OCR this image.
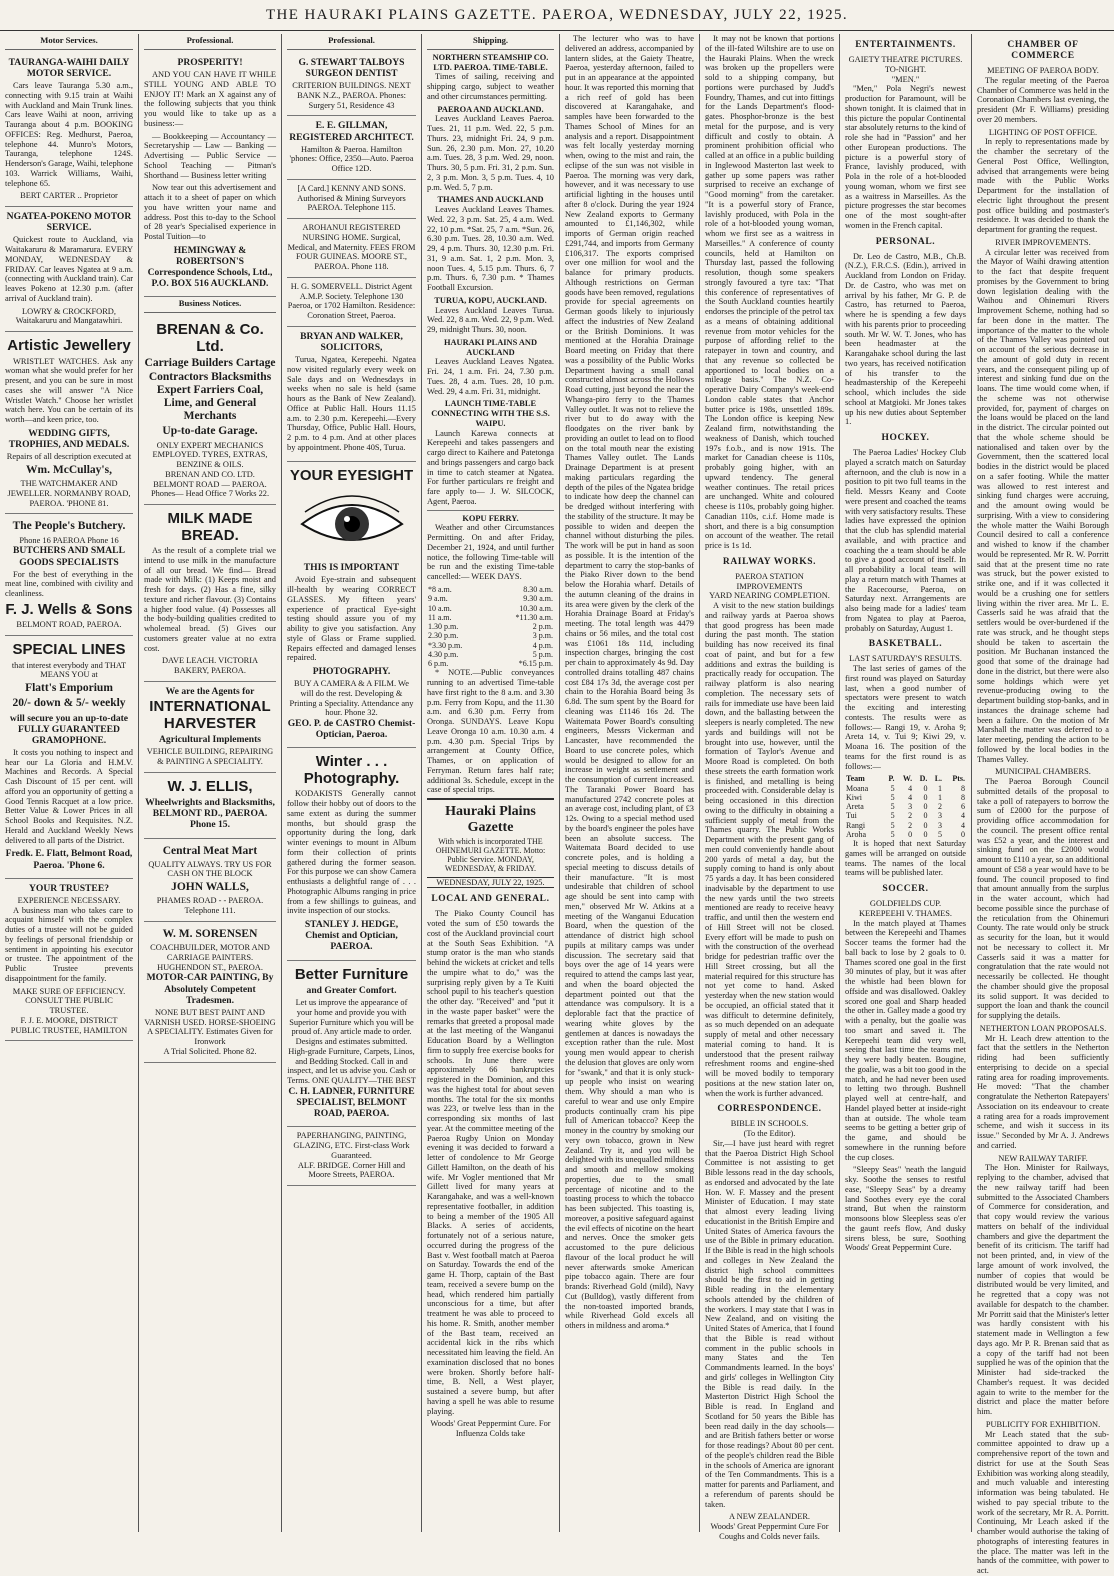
THE HAURAKI PLAINS GAZETTE. PAEROA, WEDNESDAY, JULY 22, 1925.
Motor Services.
TAURANGA-WAIHI DAILY MOTOR SERVICE.
Cars leave Tauranga 5.30 a.m., connecting with 9.15 train at Waihi with Auckland and Main Trunk lines. Cars leave Waihi at noon, arriving Tauranga about 4 p.m. BOOKING OFFICES: Reg. Medhurst, Paeroa, telephone 44. Munro's Motors, Tauranga, telephone 124S. Henderson's Garage, Waihi, telephone 103. Warrick Williams, Waihi, telephone 65.
BERT CARTER .. Proprietor
NGATEA-POKENO MOTOR SERVICE.
Quickest route to Auckland, via Waitakaruru & Maramarura. EVERY MONDAY, WEDNESDAY & FRIDAY. Car leaves Ngatea at 9 a.m. (connecting with Auckland train). Car leaves Pokeno at 12.30 p.m. (after arrival of Auckland train).
LOWRY & CROCKFORD, Waitakaruru and Mangatawhiri.
Artistic Jewellery
WRISTLET WATCHES. Ask any woman what she would prefer for her present, and you can be sure in most cases she will answer "A Nice Wristlet Watch." Choose her wristlet watch here. You can be certain of its worth—and keen price, too.
WEDDING GIFTS, TROPHIES, AND MEDALS.
Repairs of all description executed at
Wm. McCullay's,
THE WATCHMAKER AND JEWELLER. NORMANBY ROAD, PAEROA. 'PHONE 81.
The People's Butchery.
Phone 16 PAEROA Phone 16
BUTCHERS AND SMALL GOODS SPECIALISTS
For the best of everything in the meat line, combined with civility and cleanliness.
F. J. Wells & Sons
BELMONT ROAD, PAEROA.
SPECIAL LINES
that interest everybody and THAT MEANS YOU at
Flatt's Emporium
20/- down & 5/- weekly
will secure you an up-to-date FULLY GUARANTEED GRAMOPHONE.
It costs you nothing to inspect and hear our La Gloria and H.M.V. Machines and Records. A Special Cash Discount of 15 per cent. will afford you an opportunity of getting a Good Tennis Racquet at a low price. Better Value & Lower Prices in all School Books and Requisites. N.Z. Herald and Auckland Weekly News delivered to all parts of the District.
Fredk. E. Flatt, Belmont Road, Paeroa. 'Phone 6.
YOUR TRUSTEE?
EXPERIENCE NECESSARY.
A business man who takes care to acquaint himself with the complex duties of a trustee will not be guided by feelings of personal friendship or sentiment in appointing his executor or trustee. The appointment of the Public Trustee prevents disappointment for the family.
MAKE SURE OF EFFICIENCY.
CONSULT THE PUBLIC TRUSTEE.
F. J. E. MOORE, DISTRICT PUBLIC TRUSTEE, HAMILTON
Professional.
PROSPERITY!
AND YOU CAN HAVE IT WHILE STILL YOUNG AND ABLE TO ENJOY IT! Mark an X against any of the following subjects that you think you would like to take up as a business:—
— Bookkeeping — Accountancy — Secretaryship — Law — Banking — Advertising — Public Service — School Teaching — Pitman's Shorthand — Business letter writing
Now tear out this advertisement and attach it to a sheet of paper on which you have written your name and address. Post this to-day to the School of 28 year's Specialised experience in Postal Tuition—to
HEMINGWAY & ROBERTSON'S Correspondence Schools, Ltd., P.O. BOX 516 AUCKLAND.
Business Notices.
BRENAN & Co. Ltd.
Carriage Builders Cartage Contractors Blacksmiths Expert Farriers Coal, Lime, and General Merchants
Up-to-date Garage.
ONLY EXPERT MECHANICS EMPLOYED. TYRES, EXTRAS, BENZINE & OILS.
BRENAN AND CO. LTD. BELMONT ROAD — PAEROA. Phones— Head Office 7 Works 22.
MILK MADE BREAD.
As the result of a complete trial we intend to use milk in the manufacture of all our bread. We find— Bread made with Milk: (1) Keeps moist and fresh for days. (2) Has a fine, silky texture and richer flavour. (3) Contains a higher food value. (4) Possesses all the body-building qualities credited to wholemeal bread. (5) Gives our customers greater value at no extra cost.
DAVE LEACH. VICTORIA BAKERY, PAEROA.
We are the Agents for
INTERNATIONAL HARVESTER
Agricultural Implements
VEHICLE BUILDING, REPAIRING & PAINTING A SPECIALITY.
W. J. ELLIS,
Wheelwrights and Blacksmiths, BELMONT RD., PAEROA. Phone 15.
Central Meat Mart
QUALITY ALWAYS. TRY US FOR CASH ON THE BLOCK
JOHN WALLS,
PHAMES ROAD - - PAEROA. Telephone 111.
W. M. SORENSEN
COACHBUILDER, MOTOR AND CARRIAGE PAINTERS. HUGHENDON ST., PAEROA.
MOTOR-CAR PAINTING, By Absolutely Competent Tradesmen.
NONE BUT BEST PAINT AND VARNISH USED. HORSE-SHOEING A SPECIALITY. Estimates Given for Ironwork
A Trial Solicited. Phone 82.
Professional.
G. STEWART TALBOYS SURGEON DENTIST
CRITERION BUILDINGS. NEXT BANK N.Z., PAEROA. Phones: Surgery 51, Residence 43
E. E. GILLMAN, REGISTERED ARCHITECT.
Hamilton & Paeroa. Hamilton 'phones: Office, 2350—Auto. Paeroa Office 12D.
[A Card.] KENNY AND SONS. Authorised & Mining Surveyors PAEROA. Telephone 115.
AROHANUI REGISTERED NURSING HOME. Surgical, Medical, and Maternity. FEES FROM FOUR GUINEAS. MOORE ST., PAEROA. Phone 118.
H. G. SOMERVELL. District Agent A.M.P. Society. Telephone 130 Paeroa, or 1702 Hamilton. Residence: Coronation Street, Paeroa.
BRYAN AND WALKER, SOLICITORS,
Turua, Ngatea, Kerepeehi. Ngatea now visited regularly every week on Sale days and on Wednesdays in weeks when no sale is held (same hours as the Bank of New Zealand). Office at Public Hall. Hours 11.15 a.m. to 2.30 p.m. Kerepeehi.—Every Thursday, Office, Public Hall. Hours, 2 p.m. to 4 p.m. And at other places by appointment. Phone 40S, Turua.
YOUR EYESIGHT
THIS IS IMPORTANT
Avoid Eye-strain and subsequent ill-health by wearing CORRECT GLASSES. My fifteen years' experience of practical Eye-sight testing should assure you of my ability to give you satisfaction. Any style of Glass or Frame supplied. Repairs effected and damaged lenses repaired.
PHOTOGRAPHY.
BUY A CAMERA & A FILM. We will do the rest. Developing & Printing a Speciality. Attendance any hour. Phone 32.
GEO. P. de CASTRO Chemist-Optician, Paeroa.
Winter . . . Photography.
KODAKISTS Generally cannot follow their hobby out of doors to the same extent as during the summer months, but should grasp the opportunity during the long, dark winter evenings to mount in Album form their collection of prints gathered during the former season. For this purpose we can show Camera enthusiasts a delightful range of . . . Photographic Albums ranging in price from a few shillings to guineas, and invite inspection of our stocks.
STANLEY J. HEDGE, Chemist and Optician, PAEROA.
Better Furniture
and Greater Comfort.
Let us improve the appearance of your home and provide you with Superior Furniture which you will be proud of. Any article made to order. Designs and estimates submitted. High-grade Furniture, Carpets, Linos, and Bedding Stocked. Call in and inspect, and let us advise you. Cash or Terms. ONE QUALITY—THE BEST
C. H. LADNER, FURNITURE SPECIALIST, BELMONT ROAD, PAEROA.
PAPERHANGING, PAINTING, GLAZING, ETC. First-class Work Guaranteed.
ALF. BRIDGE. Corner Hill and Moore Streets, PAEROA.
Shipping.
NORTHERN STEAMSHIP CO. LTD. PAEROA. TIME-TABLE.
Times of sailing, receiving and shipping cargo, subject to weather and other circumstances permitting.
PAEROA AND AUCKLAND.
Leaves Auckland Leaves Paeroa. Tues. 21, 11 p.m. Wed. 22, 5 p.m. Thurs. 23, midnight Fri. 24, 9 p.m. Sun. 26, 2.30 p.m. Mon. 27, 10.20 a.m. Tues. 28, 3 p.m. Wed. 29, noon. Thurs. 30, 5 p.m. Fri. 31, 2 p.m. Sun. 2, 3 p.m. Mon. 3, 5 p.m. Tues. 4, 10 p.m. Wed. 5, 7 p.m.
THAMES AND AUCKLAND
Leaves Auckland Leaves Thames. Wed. 22, 3 p.m. Sat. 25, 4 a.m. Wed. 22, 10 p.m. *Sat. 25, 7 a.m. *Sun. 26, 6.30 p.m. Tues. 28, 10.30 a.m. Wed. 29, 4 p.m. Thurs. 30, 12.30 p.m. Fri. 31, 9 a.m. Sat. 1, 2 p.m. Mon. 3, noon Tues. 4, 5.15 p.m. Thurs. 6, 7 p.m. Thurs. 6, 7.30 p.m. * Thames Football Excursion.
TURUA, KOPU, AUCKLAND.
Leaves Auckland Leaves Turua. Wed. 22, 8 a.m. Wed. 22, 9 p.m. Wed. 29, midnight Thurs. 30, noon.
HAURAKI PLAINS AND AUCKLAND
Leaves Auckland Leaves Ngatea. Fri. 24, 1 a.m. Fri. 24, 7.30 p.m. Tues. 28, 4 a.m. Tues. 28, 10 p.m. Wed. 29, 4 a.m. Fri. 31, midnight.
LAUNCH TIME-TABLE CONNECTING WITH THE S.S. WAIPU.
Launch Karewa connects at Kerepeehi and takes passengers and cargo direct to Kaihere and Patetonga and brings passengers and cargo back in time to catch steamer at Ngatea. For further particulars re freight and fare apply to— J. W. SILCOCK, Agent, Paeroa.
KOPU FERRY.
Weather and other Circumstances Permitting. On and after Friday, December 21, 1924, and until further notice, the following Time-table will be run and the existing Time-table cancelled:— WEEK DAYS.
*8 a.m.	8.30 a.m.
9 a.m.	9.30 a.m.
10 a.m.	10.30 a.m.
11 a.m.	*11.30 a.m.
1.30 p.m.	2 p.m.
2.30 p.m.	3 p.m.
*3.30 p.m.	4 p.m.
4.30 p.m.	5 p.m.
6 p.m.	*6.15 p.m.
* NOTE.—Public conveyances running to an advertised Time-table have first right to the 8 a.m. and 3.30 p.m. Ferry from Kopu, and the 11.30 a.m. and 6.30 p.m. Ferry from Oronga. SUNDAYS. Leave Kopu Leave Oronga 10 a.m. 10.30 a.m. 4 p.m. 4.30 p.m. Special Trips by arrangement at County Office, Thames, or on application of Ferryman. Return fares half rate; additional 3s. Schedule, except in the case of special trips.
Hauraki Plains Gazette
With which is incorporated THE OHINEMURI GAZETTE. Motto: Public Service. MONDAY, WEDNESDAY, & FRIDAY.
WEDNESDAY, JULY 22, 1925.
LOCAL AND GENERAL.
The Piako County Council has voted the sum of £50 towards the cost of the Auckland provincial court at the South Seas Exhibition. "A stump orator is the man who stands behind the wickets at cricket and tells the umpire what to do," was the surprising reply given by a Te Kuiti school pupil to his teacher's question the other day. "Received" and "put it in the waste paper basket" were the remarks that greeted a proposal made at the last meeting of the Wanganui Education Board by a Wellington firm to supply free exercise books for schools. In June there were approximately 66 bankruptcies registered in the Dominion, and this was the highest total for about seven months. The total for the six months was 223, or twelve less than in the corresponding six months of last year. At the committee meeting of the Paeroa Rugby Union on Monday evening it was decided to forward a letter of condolence to Mr George Gillett Hamilton, on the death of his wife. Mr Vogler mentioned that Mr Gillett lived for many years at Karangahake, and was a well-known representative footballer, in addition to being a member of the 1905 All Blacks. A series of accidents, fortunately not of a serious nature, occurred during the progress of the Bast v. West football match at Paeroa on Saturday. Towards the end of the game H. Thorp, captain of the Bast team, received a severe bump on the head, which rendered him partially unconscious for a time, but after treatment he was able to proceed to his home. R. Smith, another member of the Bast team, received an accidental kick in the ribs which necessitated him leaving the field. An examination disclosed that no bones were broken. Shortly before half-time, B. Nell, a West player, sustained a severe bump, but after having a spell he was able to resume playing.
Woods' Great Peppermint Cure. For Influenza Colds take
The lecturer who was to have delivered an address, accompanied by lantern slides, at the Gaiety Theatre, Paeroa, yesterday afternoon, failed to put in an appearance at the appointed hour. It was reported this morning that a rich reef of gold has been discovered at Karangahake, and samples have been forwarded to the Thames School of Mines for an analysis and a report. Disappointment was felt locally yesterday morning when, owing to the mist and rain, the eclipse of the sun was not visible in Paeroa. The morning was very dark, however, and it was necessary to use artificial lighting in the houses until after 8 o'clock. During the year 1924 New Zealand exports to Germany amounted to £1,146,302, while imports of German origin reached £291,744, and imports from Germany £106,317. The exports comprised over one million for wool and the balance for primary products. Although restrictions on German goods have been removed, regulations provide for special agreements on German goods likely to injuriously affect the industries of New Zealand or the British Dominions. It was mentioned at the Horahia Drainage Board meeting on Friday that there was a possibility of the Public Works Department having a small canal constructed almost across the Hollows Road cutting, just beyond the near the Whanga-piro ferry to the Thames Valley outlet. It was not to relieve the river but to do away with the floodgates on the river bank by providing an outlet to lead on to flood on the total mouth near the existing Thames Valley outlet. The Lands Drainage Department is at present making particulars regarding the depth of the piles of the Ngatea bridge to indicate how deep the channel can be dredged without interfering with the stability of the structure. It may be possible to widen and deepen the channel without disturbing the piles. The work will be put in hand as soon as possible. It is the intention of the department to carry the stop-banks of the Piako River down to the bend below the Horahia wharf. Details of the autumn cleaning of the drains in its area were given by the clerk of the Horahia Drainage Board at Friday's meeting. The total length was 4479 chains or 56 miles, and the total cost was £1061 18s 11d, including inspection charges, bringing the cost per chain to approximately 4s 9d. Day controlled drains totalling 487 chains cost £84 17s 3d, the average cost per chain to the Horahia Board being 3s 6.8d. The sum spent by the Board for cleaning was £1146 16s 2d. The Waitemata Power Board's consulting engineers, Messrs Vickerman and Lancaster, have recommended the Board to use concrete poles, which would be designed to allow for an increase in weight as settlement and the consumption of current increased. The Taranaki Power Board has manufactured 2742 concrete poles at an average cost, including plant, of £3 12s. Owing to a special method used by the board's engineer the poles have been an absolute success. The Waitemata Board decided to use concrete poles, and is holding a special meeting to discuss details of their manufacture. "It is most undesirable that children of school age should be sent into camp with men," observed Mr W. Atkins at a meeting of the Wanganui Education Board, when the question of the attendance of district high school pupils at military camps was under discussion. The secretary said that boys over the age of 14 years were required to attend the camps last year, and when the board objected the department pointed out that the attendance was compulsory. It is a deplorable fact that the practice of wearing white gloves by the gentlemen at dances is nowadays the exception rather than the rule. Most young men would appear to cherish the delusion that gloves are only worn for "swank," and that it is only stuck-up people who insist on wearing them. Why should a man who is careful to wear and use only Empire products continually cram his pipe full of American tobacco? Keep the money in the country by smoking our very own tobacco, grown in New Zealand. Try it, and you will be delighted with its unequalled mildness and smooth and mellow smoking properties, due to the small percentage of nicotine and to the toasting process to which the tobacco has been subjected. This toasting is, moreover, a positive safeguard against the evil effects of nicotine on the heart and nerves. Once the smoker gets accustomed to the pure delicious flavour of the local product he will never afterwards smoke American pipe tobacco again. There are four brands: Riverhead Gold (mild), Navy Cut (Bulldog), vastly different from the non-toasted imported brands, while Riverhead Gold excels all others in mildness and aroma.*
It may not be known that portions of the ill-fated Wiltshire are to use on the Hauraki Plains. When the wreck was broken up the propellers were sold to a shipping company, but portions were purchased by Judd's Foundry, Thames, and cut into fittings for the Lands Department's flood-gates. Phosphor-bronze is the best metal for the purpose, and is very difficult and costly to obtain. A prominent prohibition official who called at an office in a public building in Inglewood Masterton last week to gather up some papers was rather surprised to receive an exchange of "Good morning" from the caretaker. "It is a powerful story of France, lavishly produced, with Pola in the role of a hot-blooded young woman, whom we first see as a waitress in Marseilles." A conference of county councils, held at Hamilton on Thursday last, passed the following resolution, though some speakers strongly favoured a tyre tax: "That this conference of representatives of the South Auckland counties heartily endorses the principle of the petrol tax as a means of obtaining additional revenue from motor vehicles for the purpose of affording relief to the ratepayer in town and country, and that any revenue so collected be apportioned to local bodies on a mileage basis." The N.Z. Co-operative Dairy Company's week-end London cable states that Anchor butter price is 198s, unsettled 189s. The London office is keeping New Zealand firm, notwithstanding the weakness of Danish, which touched 197s f.o.b., and is now 191s. The market for Canadian cheese is 110s, probably going higher, with an upward tendency. The general weather continues. The retail prices are unchanged. White and coloured cheese is 110s, probably going higher. Canadian 110s, c.i.f. Home made is short, and there is a big consumption on account of the weather. The retail price is 1s 1d.
RAILWAY WORKS.
PAEROA STATION IMPROVEMENTS
YARD NEARING COMPLETION.
A visit to the new station buildings and railway yards at Paeroa shows that good progress has been made during the past month. The station building has now received its final coat of paint, and but for a few additions and extras the building is practically ready for occupation. The railway platform is also nearing completion. The necessary sets of rails for immediate use have been laid down, and the ballasting between the sleepers is nearly completed. The new yards and buildings will not be brought into use, however, until the formation of Taylor's Avenue and Moore Road is completed. On both these streets the earth formation work is finished, and metalling is being proceeded with. Considerable delay is being occasioned in this direction owing to the difficulty in obtaining a sufficient supply of metal from the Thames quarry. The Public Works Department with the present gang of men could conveniently handle about 200 yards of metal a day, but the supply coming to hand is only about 75 yards a day. It has been considered inadvisable by the department to use the new yards until the two streets mentioned are ready to receive heavy traffic, and until then the western end of Hill Street will not be closed. Every effort will be made to push on with the construction of the overhead bridge for pedestrian traffic over the Hill Street crossing, but all the material required for this structure has not yet come to hand. Asked yesterday when the new station would be occupied, an official stated that it was difficult to determine definitely, as so much depended on an adequate supply of metal and other necessary material coming to hand. It is understood that the present railway refreshment rooms and engine-shed will be moved bodily to temporary positions at the new station later on, when the work is further advanced.
CORRESPONDENCE.
BIBLE IN SCHOOLS.
(To the Editor).
Sir,—I have just heard with regret that the Paeroa District High School Committee is not assisting to get Bible lessons read in the day schools, as endorsed and advocated by the late Hon. W. F. Massey and the present Minister of Education. I may state that almost every leading living educationist in the British Empire and United States of America favours the use of the Bible in primary education. If the Bible is read in the high schools and colleges in New Zealand the district high school committees should be the first to aid in getting Bible reading in the elementary schools attended by the children of the workers. I may state that I was in New Zealand, and on visiting the United States of America, that I found that the Bible is read without comment in the public schools in many States and the Ten Commandments learned. In the boys' and girls' colleges in Wellington City the Bible is read daily. In the Masterton District High School the Bible is read. In England and Scotland for 50 years the Bible has been read daily in the day schools—and are British fathers better or worse for those readings? About 80 per cent. of the people's children read the Bible in the schools of America are ignorant of the Ten Commandments. This is a matter for parents and Parliament, and a referendum of parents should be taken.
A NEW ZEALANDER.
Woods' Great Peppermint Cure For Coughs and Colds never fails.
ENTERTAINMENTS.
GAIETY THEATRE PICTURES.
TO-NIGHT.
"MEN."
"Men," Pola Negri's newest production for Paramount, will be shown tonight. It is claimed that in this picture the popular Continental star absolutely returns to the kind of role she had in "Passion" and her other European productions. The picture is a powerful story of France, lavishly produced, with Pola in the role of a hot-blooded young woman, whom we first see as a waitress in Marseilles. As the picture progresses the star becomes one of the most sought-after women in the French capital.
PERSONAL.
Dr. Leo de Castro, M.B., Ch.B. (N.Z.), F.R.C.S. (Edin.), arrived in Auckland from London on Friday. Dr. de Castro, who was met on arrival by his father, Mr G. P. de Castro, has returned to Paeroa, where he is spending a few days with his parents prior to proceeding south. Mr W. W. T. Jones, who has been headmaster at the Karangahake school during the last two years, has received notification of his transfer to the headmastership of the Kerepeehi school, which includes the side school at Matgioki. Mr Jones takes up his new duties about September 1.
HOCKEY.
The Paeroa Ladies' Hockey Club played a scratch match on Saturday afternoon, and the club is now in a position to pit two full teams in the field. Messrs Keany and Coote were present and coached the teams with very satisfactory results. These ladies have expressed the opinion that the club has splendid material available, and with practice and coaching the a team should be able to give a good account of itself. In all probability a local team will play a return match with Thames at the Racecourse, Paeroa, on Saturday next. Arrangements are also being made for a ladies' team from Ngatea to play at Paeroa, probably on Saturday, August 1.
BASKETBALL.
LAST SATURDAY'S RESULTS.
The last series of games of the first round was played on Saturday last, when a good number of spectators were present to watch the exciting and interesting contests. The results were as follows:— Rangi 19, v. Aroha 9; Areta 14, v. Tui 9; Kiwi 29, v. Moana 16. The position of the teams for the first round is as follows:—
Team	P.	W.	D.	L.	Pts.
Moana	5	4	0	1	8
Kiwi	5	4	0	1	8
Areta	5	3	0	2	6
Tui	5	2	0	3	4
Rangi	5	2	0	3	4
Aroha	5	0	0	5	0
It is hoped that next Saturday games will be arranged on outside teams. The names of the local teams will be published later.
SOCCER.
GOLDFIELDS CUP.
KEREPEEHI V. THAMES.
In the match played at Thames between the Kerepeehi and Thames Soccer teams the former had the ball back to lose by 2 goals to 0. Thames scored one goal in the first 30 minutes of play, but it was after the whistle had been blown for offside and was disallowed. Oakley scored one goal and Sharp headed the other in. Galley made a good try with a penalty, but the goalie was too smart and saved it. The Kerepeehi team did very well, seeing that last time the teams met they were badly beaten. Bougine, the goalie, was a bit too good in the match, and he had never been used to letting two through. Bushnell played well at centre-half, and Handel played better at inside-right than at outside. The whole team seems to be getting a better grip of the game, and should be somewhere in the running before the cup closes.
"Sleepy Seas" 'neath the languid sky. Soothe the senses to restful ease, "Sleepy Seas" by a dreamy land Soothes every eye the coral strand, But when the rainstorm monsoons blow Sleepless seas o'er the gaunt reefs flow, And dusky sirens bless, be sure, Soothing Woods' Great Peppermint Cure.
CHAMBER OF COMMERCE
MEETING OF PAEROA BODY.
The regular meeting of the Paeroa Chamber of Commerce was held in the Coronation Chambers last evening, the president (Mr F. Williams) presiding over 20 members.
LIGHTING OF POST OFFICE.
In reply to representations made by the chamber the secretary of the General Post Office, Wellington, advised that arrangements were being made with the Public Works Department for the installation of electric light throughout the present post office building and postmaster's residence. It was decided to thank the department for granting the request.
RIVER IMPROVEMENTS.
A circular letter was received from the Mayor of Waihi drawing attention to the fact that despite frequent promises by the Government to bring down legislation dealing with the Waihou and Ohinemuri Rivers Improvement Scheme, nothing had so far been done in the matter. The importance of the matter to the whole of the Thames Valley was pointed out on account of the serious decrease in the amount of gold duty in recent years, and the consequent piling up of interest and sinking fund due on the loans. The time would come when, if the scheme was not otherwise provided, for, payment of charges on the loans would be placed on the land in the district. The circular pointed out that the whole scheme should be nationalised and taken over by the Government, then the scattered local bodies in the district would be placed on a safer footing. While the matter was allowed to rest interest and sinking fund charges were accruing, and the amount owing would be surprising. With a view to considering the whole matter the Waihi Borough Council desired to call a conference and wished to know if the chamber would be represented. Mr R. W. Porritt said that at the present time no rate was struck, but the power existed to strike one, and if it was collected it would be a crushing one for settlers living within the river area. Mr L. E. Casserls said he was afraid that the settlers would be over-burdened if the rate was struck, and he thought steps should be taken to ascertain the position. Mr Buchanan instanced the good that some of the drainage had done in the district, but there were also some holdings which were yet revenue-producing owing to the department building stop-banks, and in instances the drainage scheme had been a failure. On the motion of Mr Marshall the matter was deferred to a later meeting, pending the action to be followed by the local bodies in the Thames Valley.
MUNICIPAL CHAMBERS.
The Paeroa Borough Council submitted details of the proposal to take a poll of ratepayers to borrow the sum of £2000 for the purpose of providing office accommodation for the council. The present office rental was £52 a year, and the interest and sinking fund on the £2000 would amount to £110 a year, so an additional amount of £58 a year would have to be found. The council proposed to find that amount annually from the surplus in the water account, which had become possible since the purchase of the reticulation from the Ohinemuri County. The rate would only be struck as security for the loan, but it would not be necessary to collect it. Mr Casserls said it was a matter for congratulation that the rate would not necessarily be collected. He thought the chamber should give the proposal its solid support. It was decided to support the loan and thank the council for supplying the details.
NETHERTON LOAN PROPOSALS.
Mr H. Leach drew attention to the fact that the settlers in the Netherton riding had been sufficiently enterprising to decide on a special rating area for roading improvements. He moved: "That the chamber congratulate the Netherton Ratepayers' Association on its endeavour to create a rating area for a roads improvement scheme, and wish it success in its issue." Seconded by Mr A. J. Andrews and carried.
NEW RAILWAY TARIFF.
The Hon. Minister for Railways, replying to the chamber, advised that the new railway tariff had been submitted to the Associated Chambers of Commerce for consideration, and that copy would review the various matters on behalf of the individual chambers and give the department the benefit of its criticism. The tariff had not been printed, and, in view of the large amount of work involved, the number of copies that would be distributed would be very limited, and he regretted that a copy was not available for despatch to the chamber. Mr Porritt said that the Minister's letter was hardly consistent with his statement made in Wellington a few days ago. Mr P. R. Brenan said that as a copy of the tariff had not been supplied he was of the opinion that the Minister had side-tracked the Chamber's request. It was decided again to write to the member for the district and place the matter before him.
PUBLICITY FOR EXHIBITION.
Mr Leach stated that the sub-committee appointed to draw up a comprehensive report of the town and district for use at the South Seas Exhibition was working along steadily, and much valuable and interesting information was being tabulated. He wished to pay special tribute to the work of the secretary, Mr R. A. Porritt. Continuing, Mr Leach asked if the chamber would authorise the taking of photographs of interesting features in the place. The matter was left in the hands of the committee, with power to act.
